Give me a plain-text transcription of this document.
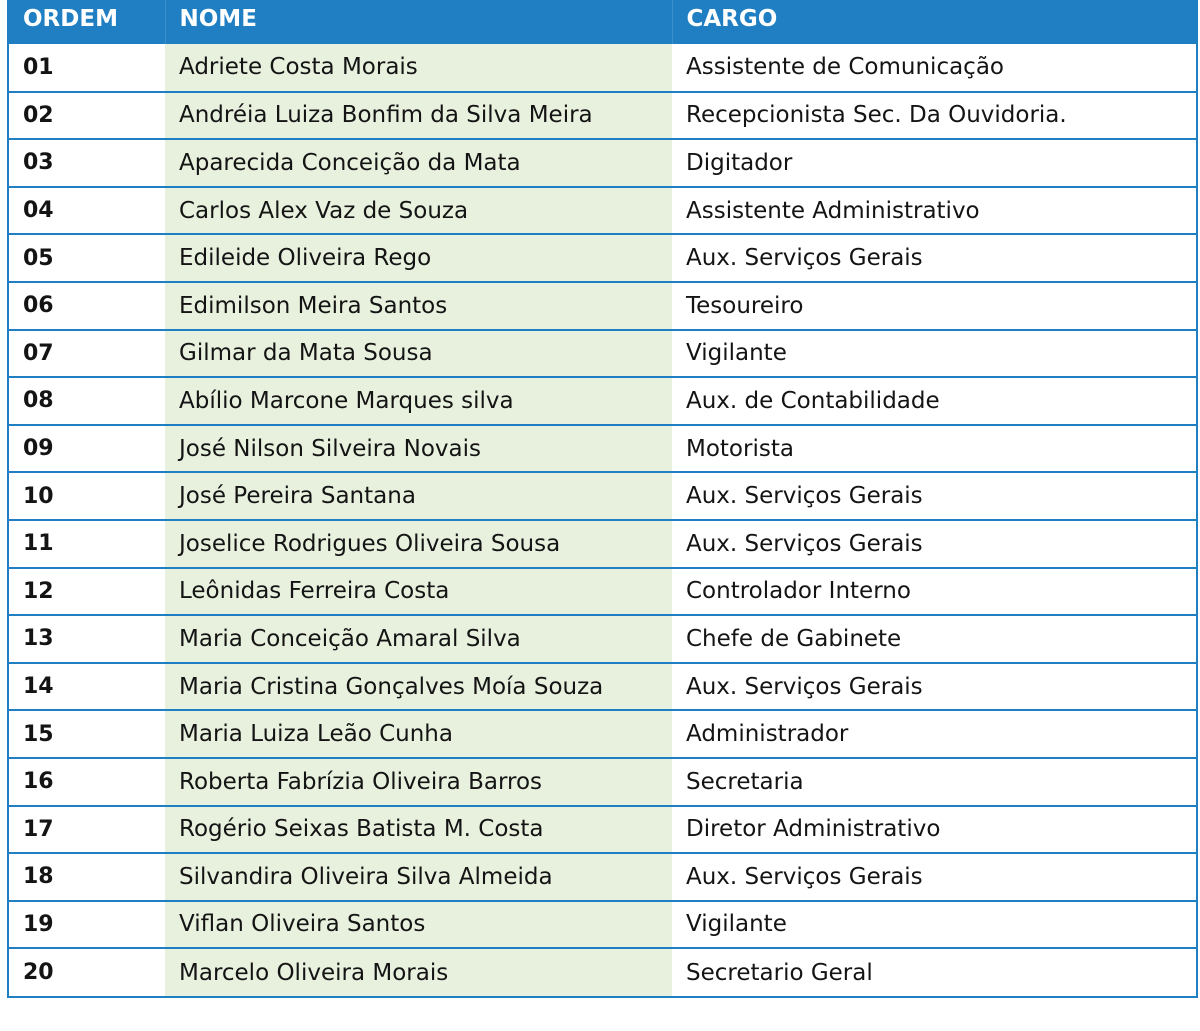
ORDEM	NOME	CARGO
01	Adriete Costa Morais	Assistente de Comunicação
02	Andréia Luiza Bonfim da Silva Meira	Recepcionista Sec. Da Ouvidoria.
03	Aparecida Conceição da Mata	Digitador
04	Carlos Alex Vaz de Souza	Assistente Administrativo
05	Edileide Oliveira Rego	Aux. Serviços Gerais
06	Edimilson Meira Santos	Tesoureiro
07	Gilmar da Mata Sousa	Vigilante
08	Abílio Marcone Marques silva	Aux. de Contabilidade
09	José Nilson Silveira Novais	Motorista
10	José Pereira Santana	Aux. Serviços Gerais
11	Joselice Rodrigues Oliveira Sousa	Aux. Serviços Gerais
12	Leônidas Ferreira Costa	Controlador Interno
13	Maria Conceição Amaral Silva	Chefe de Gabinete
14	Maria Cristina Gonçalves Moía Souza	Aux. Serviços Gerais
15	Maria Luiza Leão Cunha	Administrador
16	Roberta Fabrízia Oliveira Barros	Secretaria
17	Rogério Seixas Batista M. Costa	Diretor Administrativo
18	Silvandira Oliveira Silva Almeida	Aux. Serviços Gerais
19	Viflan Oliveira Santos	Vigilante
20	Marcelo Oliveira Morais	Secretario Geral
